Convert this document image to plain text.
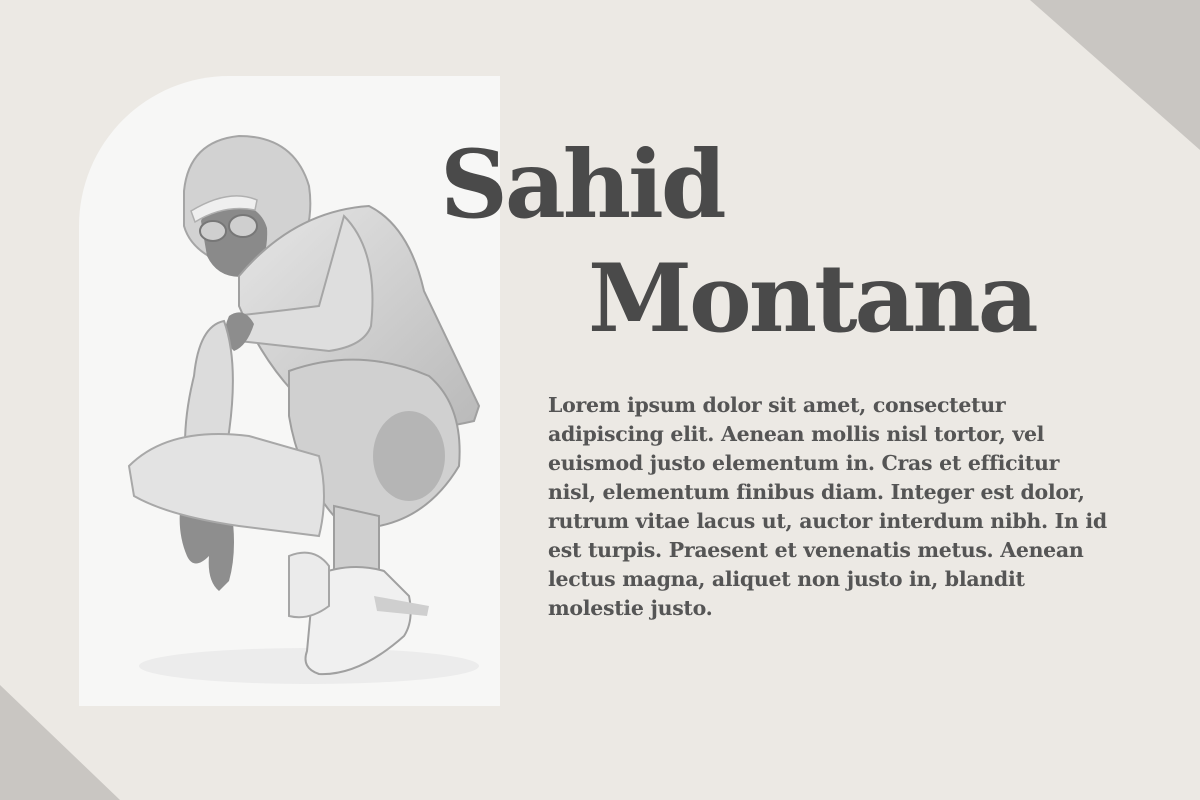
Sahid
Montana

Lorem ipsum dolor sit amet, consectetur adipiscing elit. Aenean mollis nisl tortor, vel euismod justo elementum in. Cras et efficitur nisl, elementum finibus diam. Integer est dolor, rutrum vitae lacus ut, auctor interdum nibh. In id est turpis. Praesent et venenatis metus. Aenean lectus magna, aliquet non justo in, blandit molestie justo.
